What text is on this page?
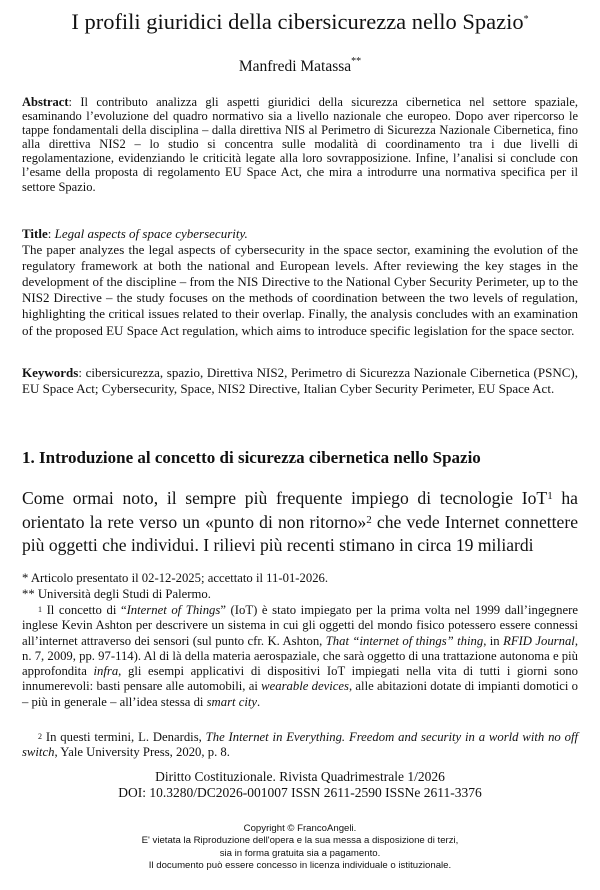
I profili giuridici della cibersicurezza nello Spazio*
Manfredi Matassa**
Abstract: Il contributo analizza gli aspetti giuridici della sicurezza cibernetica nel settore spaziale, esaminando l’evoluzione del quadro normativo sia a livello nazionale che europeo. Dopo aver ripercorso le tappe fondamentali della disciplina – dalla direttiva NIS al Perimetro di Sicurezza Nazionale Cibernetica, fino alla direttiva NIS2 – lo studio si concentra sulle modalità di coordinamento tra i due livelli di regolamentazione, evidenziando le criticità legate alla loro sovrapposizione. Infine, l’analisi si conclude con l’esame della proposta di regolamento EU Space Act, che mira a introdurre una normativa specifica per il settore Spazio.
Title: Legal aspects of space cybersecurity.
The paper analyzes the legal aspects of cybersecurity in the space sector, examining the evolution of the regulatory framework at both the national and European levels. After reviewing the key stages in the development of the discipline – from the NIS Directive to the National Cyber Security Perimeter, up to the NIS2 Directive – the study focuses on the methods of coordination between the two levels of regulation, highlighting the critical issues related to their overlap. Finally, the analysis concludes with an examination of the proposed EU Space Act regulation, which aims to introduce specific legislation for the space sector.
Keywords: cibersicurezza, spazio, Direttiva NIS2, Perimetro di Sicurezza Nazionale Cibernetica (PSNC), EU Space Act; Cybersecurity, Space, NIS2 Directive, Italian Cyber Security Perimeter, EU Space Act.
1. Introduzione al concetto di sicurezza cibernetica nello Spazio
Come ormai noto, il sempre più frequente impiego di tecnologie IoT$^1$ ha orientato la rete verso un «punto di non ritorno»$^2$ che vede Internet connettere più oggetti che individui. I rilievi più recenti stimano in circa 19 miliardi
* Articolo presentato il 02-12-2025; accettato il 11-01-2026.
** Università degli Studi di Palermo.
$^1$ Il concetto di “Internet of Things” (IoT) è stato impiegato per la prima volta nel 1999 dall’ingegnere inglese Kevin Ashton per descrivere un sistema in cui gli oggetti del mondo fisico potessero essere connessi all’internet attraverso dei sensori (sul punto cfr. K. Ashton, That “internet of things” thing, in RFID Journal, n. 7, 2009, pp. 97-114). Al di là della materia aerospaziale, che sarà oggetto di una trattazione autonoma e più approfondita infra, gli esempi applicativi di dispositivi IoT impiegati nella vita di tutti i giorni sono innumerevoli: basti pensare alle automobili, ai wearable devices, alle abitazioni dotate di impianti domotici o – più in generale – all’idea stessa di smart city.
$^2$ In questi termini, L. Denardis, The Internet in Everything. Freedom and security in a world with no off switch, Yale University Press, 2020, p. 8.
Diritto Costituzionale. Rivista Quadrimestrale 1/2026
DOI: 10.3280/DC2026-001007 ISSN 2611-2590 ISSNe 2611-3376
Copyright © FrancoAngeli.
E' vietata la Riproduzione dell'opera e la sua messa a disposizione di terzi,
sia in forma gratuita sia a pagamento.
Il documento può essere concesso in licenza individuale o istituzionale.
